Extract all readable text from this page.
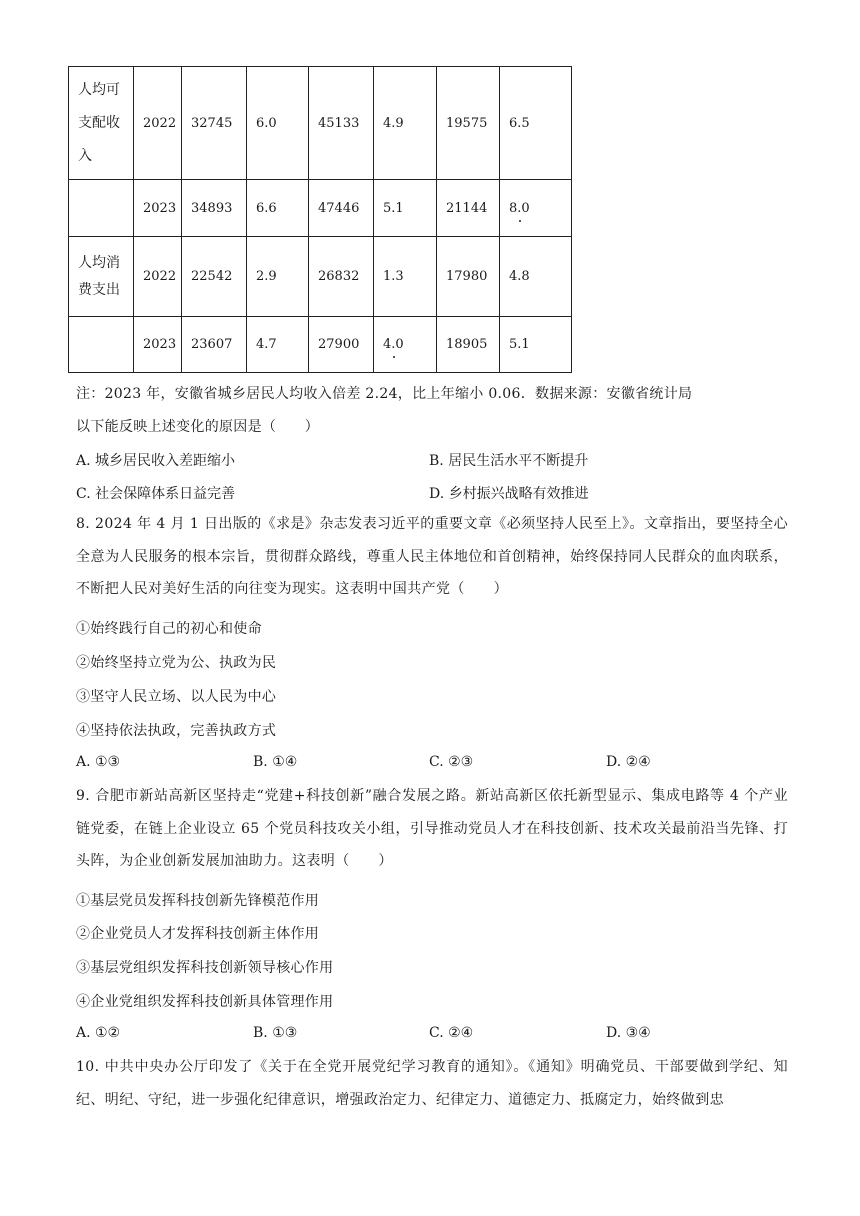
人均可
支配收
入	2022	32745	6.0	45133	4.9	19575	6.5
	2023	34893	6.6	47446	5.1	21144	8.0

人均消
费支出	2022	22542	2.9	26832	1.3	17980	4.8
	2023	23607	4.7	27900	4.0	18905	5.1
注：2023 年，安徽省城乡居民人均收入倍差 2.24，比上年缩小 0.06．数据来源：安徽省统计局
以下能反映上述变化的原因是（　　）
A. 城乡居民收入差距缩小	B. 居民生活水平不断提升
C. 社会保障体系日益完善	D. 乡村振兴战略有效推进
8. 2024 年 4 月 1 日出版的《求是》杂志发表习近平的重要文章《必须坚持人民至上》。文章指出，要坚持全心全意为人民服务的根本宗旨，贯彻群众路线，尊重人民主体地位和首创精神，始终保持同人民群众的血肉联系，不断把人民对美好生活的向往变为现实。这表明中国共产党（　　）
①始终践行自己的初心和使命
②始终坚持立党为公、执政为民
③坚守人民立场、以人民为中心
④坚持依法执政，完善执政方式
A. ①③	B. ①④	C. ②③	D. ②④
9. 合肥市新站高新区坚持走“党建+科技创新”融合发展之路。新站高新区依托新型显示、集成电路等 4 个产业链党委，在链上企业设立 65 个党员科技攻关小组，引导推动党员人才在科技创新、技术攻关最前沿当先锋、打头阵，为企业创新发展加油助力。这表明（　　）
①基层党员发挥科技创新先锋模范作用
②企业党员人才发挥科技创新主体作用
③基层党组织发挥科技创新领导核心作用
④企业党组织发挥科技创新具体管理作用
A. ①②	B. ①③	C. ②④	D. ③④
10. 中共中央办公厅印发了《关于在全党开展党纪学习教育的通知》。《通知》明确党员、干部要做到学纪、知纪、明纪、守纪，进一步强化纪律意识，增强政治定力、纪律定力、道德定力、抵腐定力，始终做到忠
